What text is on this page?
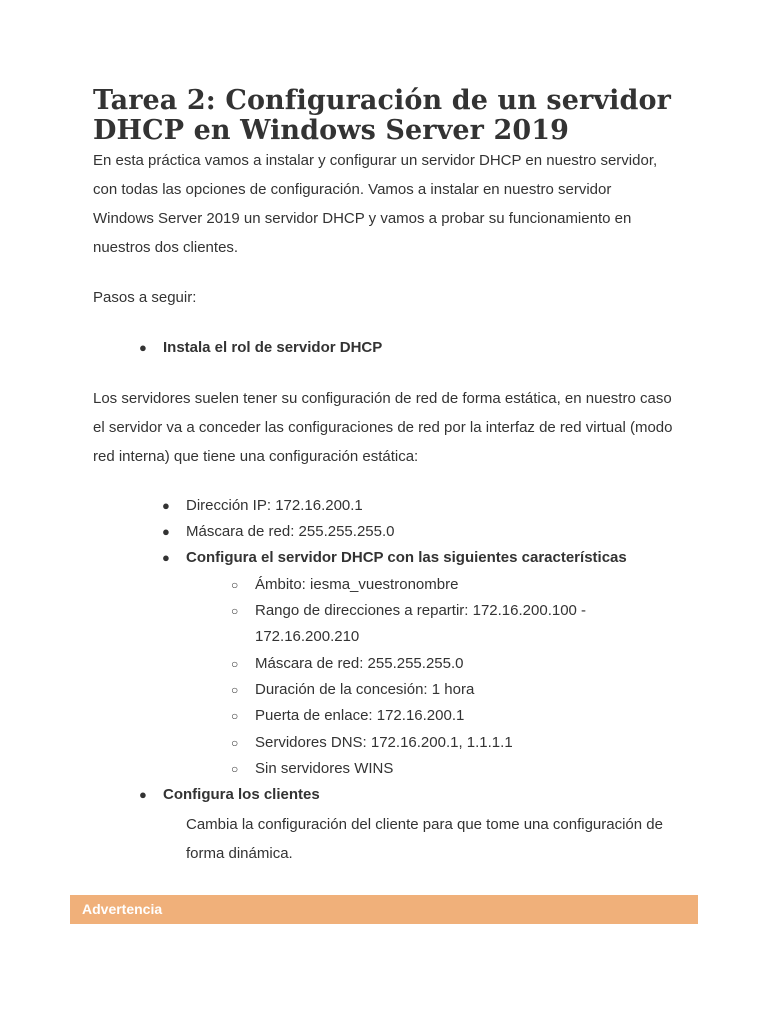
Tarea 2: Configuración de un servidor
DHCP en Windows Server 2019

En esta práctica vamos a instalar y configurar un servidor DHCP en nuestro servidor,
con todas las opciones de configuración. Vamos a instalar en nuestro servidor
Windows Server 2019 un servidor DHCP y vamos a probar su funcionamiento en
nuestros dos clientes.

Pasos a seguir:

● Instala el rol de servidor DHCP

Los servidores suelen tener su configuración de red de forma estática, en nuestro caso
el servidor va a conceder las configuraciones de red por la interfaz de red virtual (modo
red interna) que tiene una configuración estática:

● Dirección IP: 172.16.200.1
● Máscara de red: 255.255.255.0
● Configura el servidor DHCP con las siguientes características
○ Ámbito: iesma_vuestronombre
○ Rango de direcciones a repartir: 172.16.200.100 -
172.16.200.210
○ Máscara de red: 255.255.255.0
○ Duración de la concesión: 1 hora
○ Puerta de enlace: 172.16.200.1
○ Servidores DNS: 172.16.200.1, 1.1.1.1
○ Sin servidores WINS
● Configura los clientes

Cambia la configuración del cliente para que tome una configuración de
forma dinámica.

Advertencia
